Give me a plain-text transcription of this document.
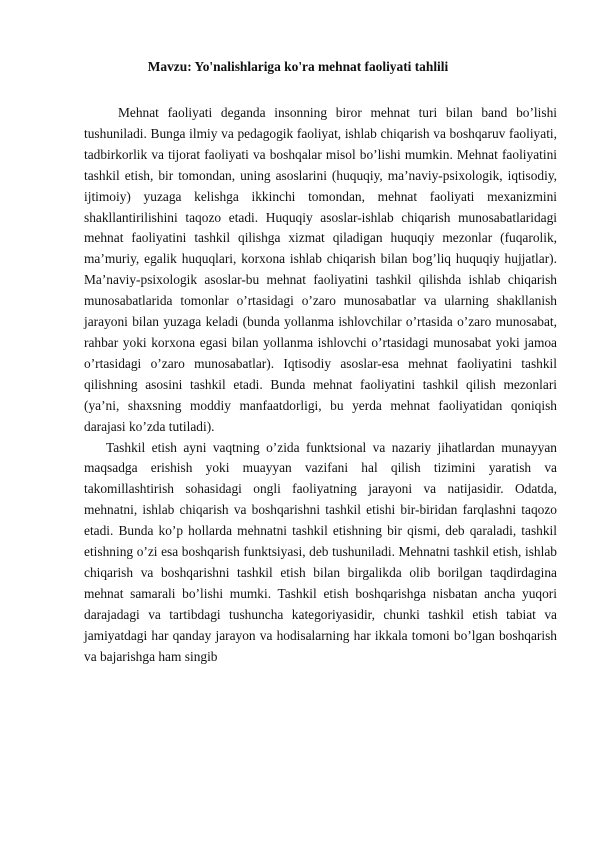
Mavzu: Yo'nalishlariga ko'ra mehnat faoliyati tahlili

Mehnat faoliyati deganda insonning biror mehnat turi bilan band bo’lishi tushuniladi. Bunga ilmiy va pedagogik faoliyat, ishlab chiqarish va boshqaruv faoliyati, tadbirkorlik va tijorat faoliyati va boshqalar misol bo’lishi mumkin. Mehnat faoliyatini tashkil etish, bir tomondan, uning asoslarini (huquqiy, ma’naviy-psixologik, iqtisodiy, ijtimoiy) yuzaga kelishga ikkinchi tomondan, mehnat faoliyati mexanizmini shakllantirilishini taqozo etadi. Huquqiy asoslar-ishlab chiqarish munosabatlaridagi mehnat faoliyatini tashkil qilishga xizmat qiladigan huquqiy mezonlar (fuqarolik, ma’muriy, egalik huquqlari, korxona ishlab chiqarish bilan bog’liq huquqiy hujjatlar). Ma’naviy-psixologik asoslar-bu mehnat faoliyatini tashkil qilishda ishlab chiqarish munosabatlarida tomonlar o’rtasidagi o’zaro munosabatlar va ularning shakllanish jarayoni bilan yuzaga keladi (bunda yollanma ishlovchilar o’rtasida o’zaro munosabat, rahbar yoki korxona egasi bilan yollanma ishlovchi o’rtasidagi munosabat yoki jamoa o’rtasidagi o’zaro munosabatlar). Iqtisodiy asoslar-esa mehnat faoliyatini tashkil qilishning asosini tashkil etadi. Bunda mehnat faoliyatini tashkil qilish mezonlari (ya’ni, shaxsning moddiy manfaatdorligi, bu yerda mehnat faoliyatidan qoniqish darajasi ko’zda tutiladi).

Tashkil etish ayni vaqtning o’zida funktsional va nazariy jihatlardan munayyan maqsadga erishish yoki muayyan vazifani hal qilish tizimini yaratish va takomillashtirish sohasidagi ongli faoliyatning jarayoni va natijasidir. Odatda, mehnatni, ishlab chiqarish va boshqarishni tashkil etishi bir-biridan farqlashni taqozo etadi. Bunda ko’p hollarda mehnatni tashkil etishning bir qismi, deb qaraladi, tashkil etishning o’zi esa boshqarish funktsiyasi, deb tushuniladi. Mehnatni tashkil etish, ishlab chiqarish va boshqarishni tashkil etish bilan birgalikda olib borilgan taqdirdagina mehnat samarali bo’lishi mumki. Tashkil etish boshqarishga nisbatan ancha yuqori darajadagi va tartibdagi tushuncha kategoriyasidir, chunki tashkil etish tabiat va jamiyatdagi har qanday jarayon va hodisalarning har ikkala tomoni bo’lgan boshqarish va bajarishga ham singib
